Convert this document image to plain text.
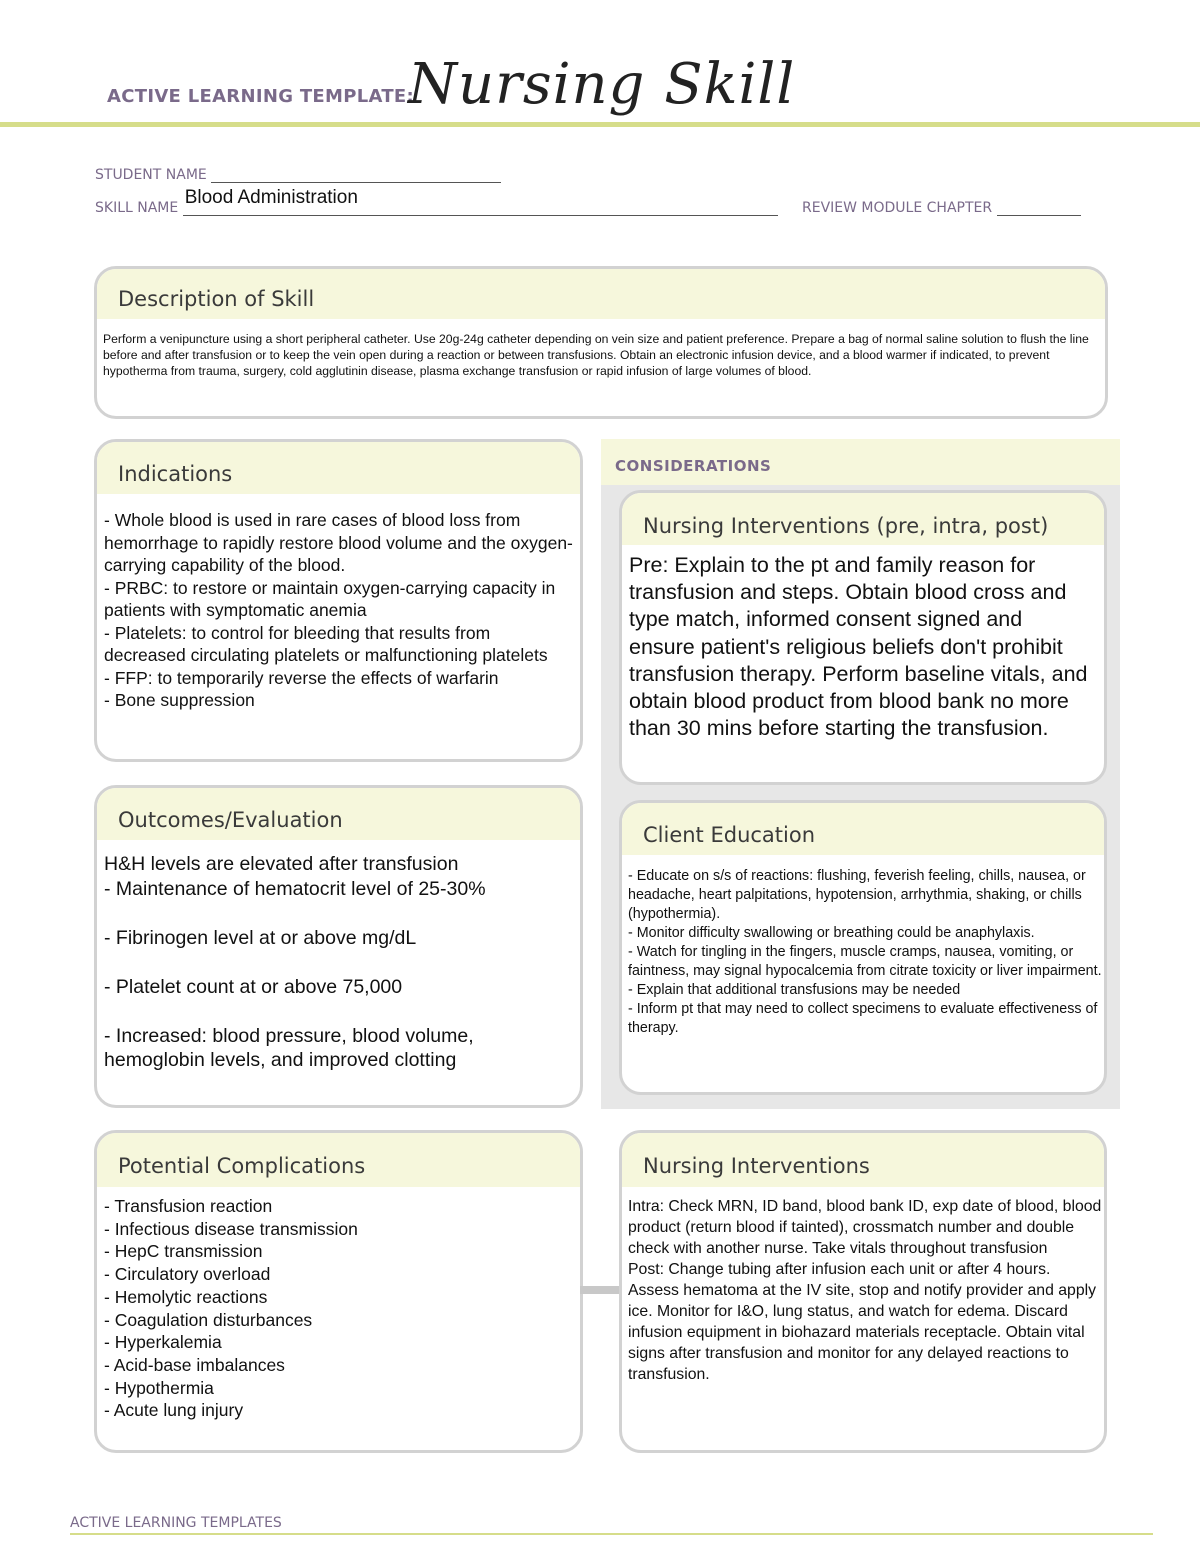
ACTIVE LEARNING TEMPLATE:
Nursing Skill
STUDENT NAME
SKILL NAME Blood Administration	REVIEW MODULE CHAPTER
Description of Skill
Perform a venipuncture using a short peripheral catheter. Use 20g-24g catheter depending on vein size and patient preference. Prepare a bag of normal saline solution to flush the line before and after transfusion or to keep the vein open during a reaction or between transfusions. Obtain an electronic infusion device, and a blood warmer if indicated, to prevent hypotherma from trauma, surgery, cold agglutinin disease, plasma exchange transfusion or rapid infusion of large volumes of blood.
Indications
- Whole blood is used in rare cases of blood loss from hemorrhage to rapidly restore blood volume and the oxygen-carrying capability of the blood.
- PRBC: to restore or maintain oxygen-carrying capacity in patients with symptomatic anemia
- Platelets: to control for bleeding that results from decreased circulating platelets or malfunctioning platelets
- FFP: to temporarily reverse the effects of warfarin
- Bone suppression
Outcomes/Evaluation
H&H levels are elevated after transfusion
- Maintenance of hematocrit level of 25-30%
- Fibrinogen level at or above mg/dL
- Platelet count at or above 75,000
- Increased: blood pressure, blood volume, hemoglobin levels, and improved clotting
CONSIDERATIONS
Nursing Interventions (pre, intra, post)
Pre: Explain to the pt and family reason for transfusion and steps. Obtain blood cross and type match, informed consent signed and ensure patient's religious beliefs don't prohibit transfusion therapy. Perform baseline vitals, and obtain blood product from blood bank no more than 30 mins before starting the transfusion.
Client Education
- Educate on s/s of reactions: flushing, feverish feeling, chills, nausea, or headache, heart palpitations, hypotension, arrhythmia, shaking, or chills (hypothermia).
- Monitor difficulty swallowing or breathing could be anaphylaxis.
- Watch for tingling in the fingers, muscle cramps, nausea, vomiting, or faintness, may signal hypocalcemia from citrate toxicity or liver impairment.
- Explain that additional transfusions may be needed
- Inform pt that may need to collect specimens to evaluate effectiveness of therapy.
Potential Complications
- Transfusion reaction
- Infectious disease transmission
- HepC transmission
- Circulatory overload
- Hemolytic reactions
- Coagulation disturbances
- Hyperkalemia
- Acid-base imbalances
- Hypothermia
- Acute lung injury
Nursing Interventions
Intra: Check MRN, ID band, blood bank ID, exp date of blood, blood product (return blood if tainted), crossmatch number and double check with another nurse. Take vitals throughout transfusion
Post: Change tubing after infusion each unit or after 4 hours. Assess hematoma at the IV site, stop and notify provider and apply ice. Monitor for I&O, lung status, and watch for edema. Discard infusion equipment in biohazard materials receptacle. Obtain vital signs after transfusion and monitor for any delayed reactions to transfusion.
ACTIVE LEARNING TEMPLATES
